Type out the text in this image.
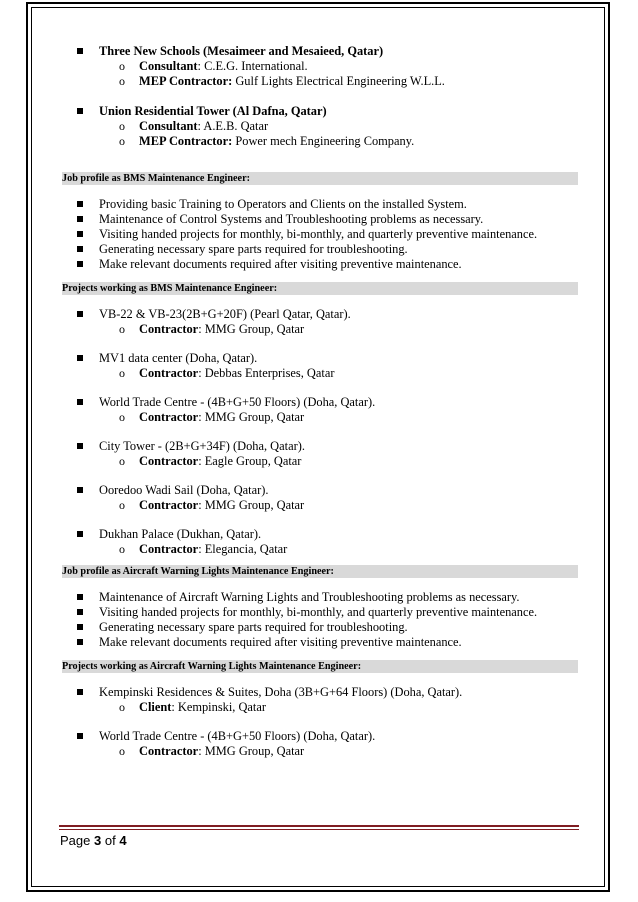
Three New Schools (Mesaimeer and Mesaieed, Qatar)
o Consultant: C.E.G. International.
o MEP Contractor: Gulf Lights Electrical Engineering W.L.L.
Union Residential Tower (Al Dafna, Qatar)
o Consultant: A.E.B. Qatar
o MEP Contractor: Power mech Engineering Company.
Job profile as BMS Maintenance Engineer:
Providing basic Training to Operators and Clients on the installed System.
Maintenance of Control Systems and Troubleshooting problems as necessary.
Visiting handed projects for monthly, bi-monthly, and quarterly preventive maintenance.
Generating necessary spare parts required for troubleshooting.
Make relevant documents required after visiting preventive maintenance.
Projects working as BMS Maintenance Engineer:
VB-22 & VB-23(2B+G+20F) (Pearl Qatar, Qatar).
o Contractor: MMG Group, Qatar
MV1 data center (Doha, Qatar).
o Contractor: Debbas Enterprises, Qatar
World Trade Centre - (4B+G+50 Floors) (Doha, Qatar).
o Contractor: MMG Group, Qatar
City Tower - (2B+G+34F) (Doha, Qatar).
o Contractor: Eagle Group, Qatar
Ooredoo Wadi Sail (Doha, Qatar).
o Contractor: MMG Group, Qatar
Dukhan Palace (Dukhan, Qatar).
o Contractor: Elegancia, Qatar
Job profile as Aircraft Warning Lights Maintenance Engineer:
Maintenance of Aircraft Warning Lights and Troubleshooting problems as necessary.
Visiting handed projects for monthly, bi-monthly, and quarterly preventive maintenance.
Generating necessary spare parts required for troubleshooting.
Make relevant documents required after visiting preventive maintenance.
Projects working as Aircraft Warning Lights Maintenance Engineer:
Kempinski Residences & Suites, Doha (3B+G+64 Floors) (Doha, Qatar).
o Client: Kempinski, Qatar
World Trade Centre - (4B+G+50 Floors) (Doha, Qatar).
o Contractor: MMG Group, Qatar
Page 3 of 4
